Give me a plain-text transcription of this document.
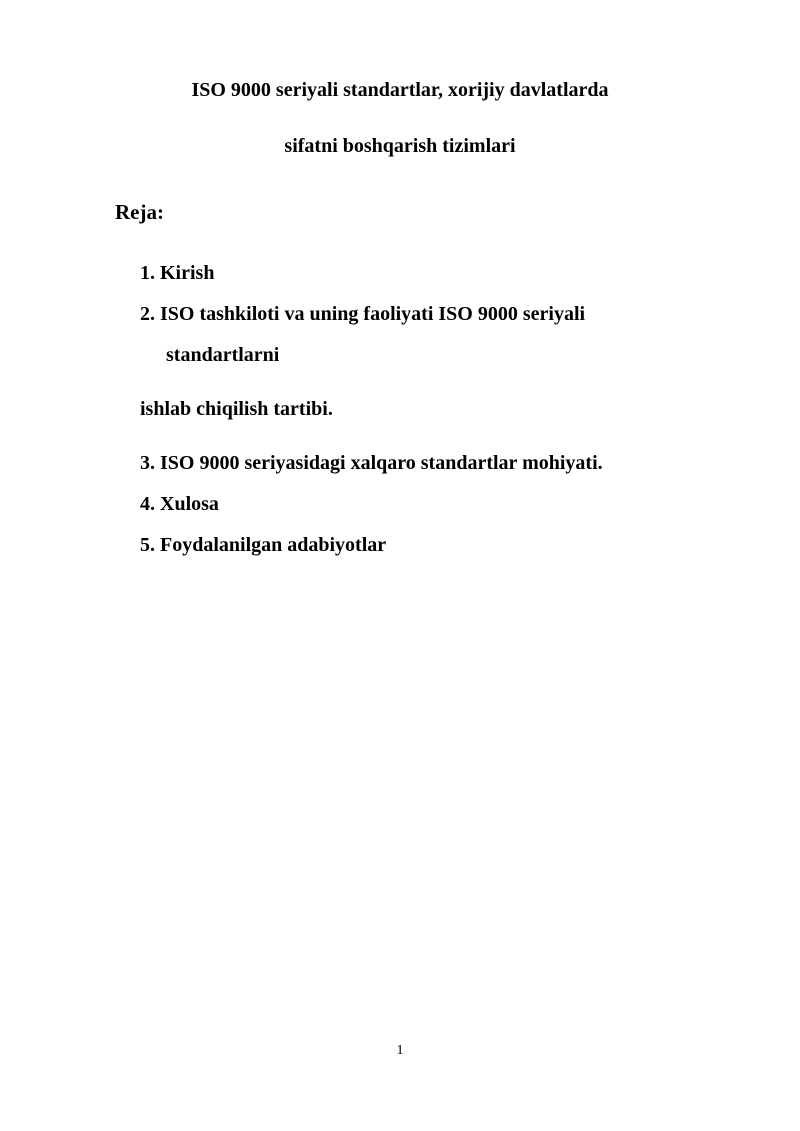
ISO 9000 seriyali standartlar, xorijiy davlatlarda
sifatni boshqarish tizimlari
Reja:
1. Kirish
2. ISO tashkiloti va uning faoliyati ISO 9000 seriyali
standartlarni
ishlab chiqilish tartibi.
3. ISO 9000 seriyasidagi xalqaro standartlar mohiyati.
4. Xulosa
5. Foydalanilgan adabiyotlar
1
